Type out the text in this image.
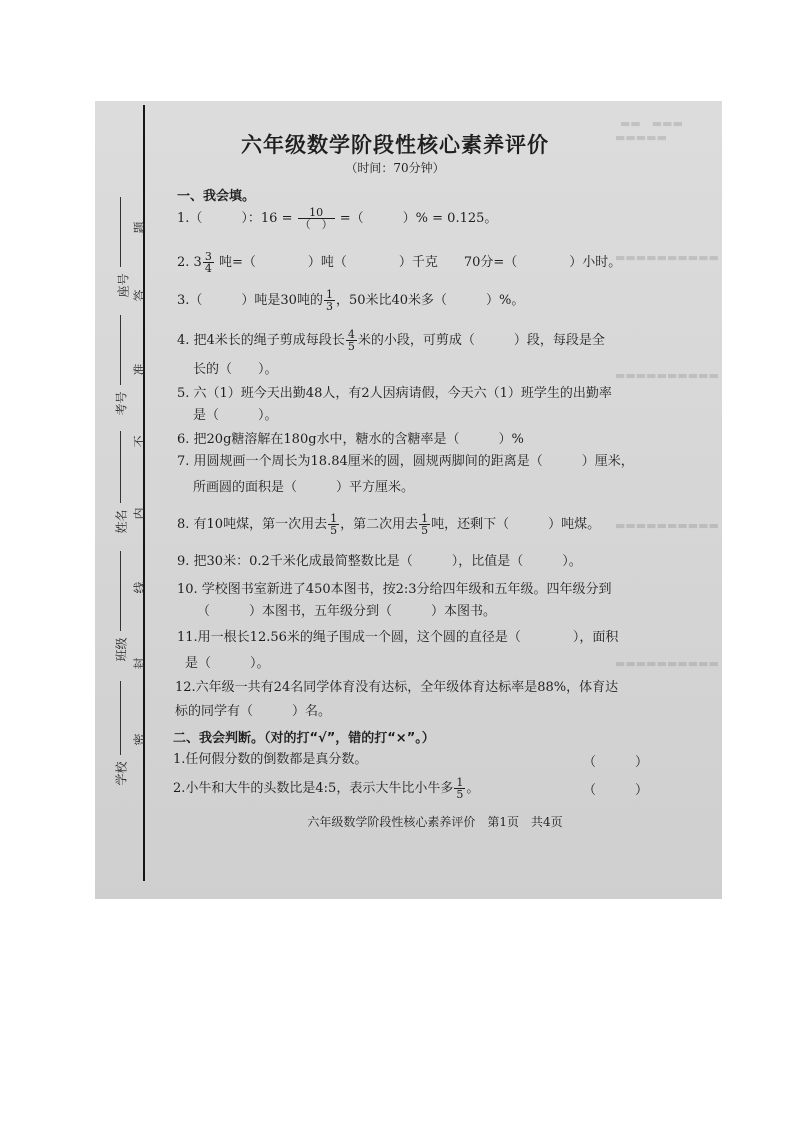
座号
考号
姓名
班级
学校
题
答
准
不
内
线
封
密
▬▬　▬▬▬
▬▬▬▬▬
▬▬▬▬▬▬▬▬▬▬
▬▬▬▬▬▬▬▬▬▬
▬▬▬▬▬▬▬▬▬▬
▬▬▬▬▬▬▬▬▬▬
六年级数学阶段性核心素养评价
（时间：70分钟）
一、我会填。
1.（　　　）：$16 = \frac{10}{( )}$ =（　　　）% = 0.125。
2. $3 \frac{3}{4}$ 吨=（　　　　）吨（　　　　）千克　　70分=（　　　　）小时。
3.（　　　）吨是30吨的 $\frac{1}{3}$ ，50米比40米多（　　　）%。
4. 把4米长的绳子剪成每段长 $\frac{4}{5}$ 米的小段，可剪成（　　　）段，每段是全
长的（　　）。
5. 六（1）班今天出勤48人，有2人因病请假，今天六（1）班学生的出勤率
是（　　　）。
6. 把20g糖溶解在180g水中，糖水的含糖率是（　　　）%
7. 用圆规画一个周长为18.84厘米的圆，圆规两脚间的距离是（　　　）厘米，
所画圆的面积是（　　　）平方厘米。
8. 有10吨煤，第一次用去 $\frac{1}{5}$ ，第二次用去 $\frac{1}{5}$ 吨，还剩下（　　　）吨煤。
9. 把30米：0.2千米化成最简整数比是（　　　），比值是（　　　）。
10. 学校图书室新进了450本图书，按2:3分给四年级和五年级。四年级分到
（　　　）本图书，五年级分到（　　　）本图书。
11.用一根长12.56米的绳子围成一个圆，这个圆的直径是（　　　　），面积
是（　　　）。
12.六年级一共有24名同学体育没有达标，全年级体育达标率是88%，体育达
标的同学有（　　　）名。
二、我会判断。（对的打“√”，错的打“×”。）
1.任何假分数的倒数都是真分数。	（　　　）
2.小牛和大牛的头数比是4:5，表示大牛比小牛多 $\frac{1}{5}$ 。	（　　　）
六年级数学阶段性核心素养评价　第1页　共4页
